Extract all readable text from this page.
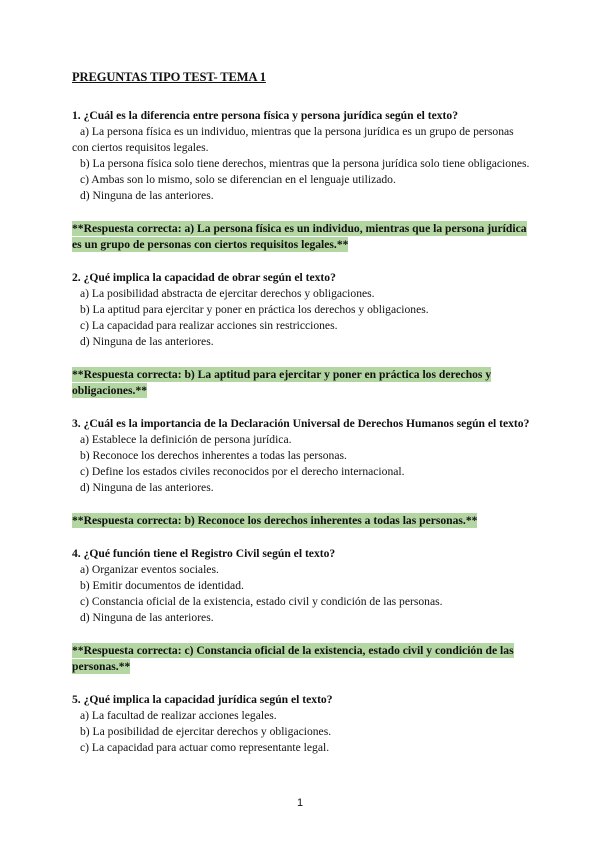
PREGUNTAS TIPO TEST- TEMA 1

1. ¿Cuál es la diferencia entre persona física y persona jurídica según el texto?

a) La persona física es un individuo, mientras que la persona jurídica es un grupo de personas con ciertos requisitos legales.

b) La persona física solo tiene derechos, mientras que la persona jurídica solo tiene obligaciones.

c) Ambas son lo mismo, solo se diferencian en el lenguaje utilizado.

d) Ninguna de las anteriores.

**Respuesta correcta: a) La persona física es un individuo, mientras que la persona jurídica es un grupo de personas con ciertos requisitos legales.**

2. ¿Qué implica la capacidad de obrar según el texto?

a) La posibilidad abstracta de ejercitar derechos y obligaciones.

b) La aptitud para ejercitar y poner en práctica los derechos y obligaciones.

c) La capacidad para realizar acciones sin restricciones.

d) Ninguna de las anteriores.

**Respuesta correcta: b) La aptitud para ejercitar y poner en práctica los derechos y obligaciones.**

3. ¿Cuál es la importancia de la Declaración Universal de Derechos Humanos según el texto?

a) Establece la definición de persona jurídica.

b) Reconoce los derechos inherentes a todas las personas.

c) Define los estados civiles reconocidos por el derecho internacional.

d) Ninguna de las anteriores.

**Respuesta correcta: b) Reconoce los derechos inherentes a todas las personas.**

4. ¿Qué función tiene el Registro Civil según el texto?

a) Organizar eventos sociales.

b) Emitir documentos de identidad.

c) Constancia oficial de la existencia, estado civil y condición de las personas.

d) Ninguna de las anteriores.

**Respuesta correcta: c) Constancia oficial de la existencia, estado civil y condición de las personas.**

5. ¿Qué implica la capacidad jurídica según el texto?

a) La facultad de realizar acciones legales.

b) La posibilidad de ejercitar derechos y obligaciones.

c) La capacidad para actuar como representante legal.

1
